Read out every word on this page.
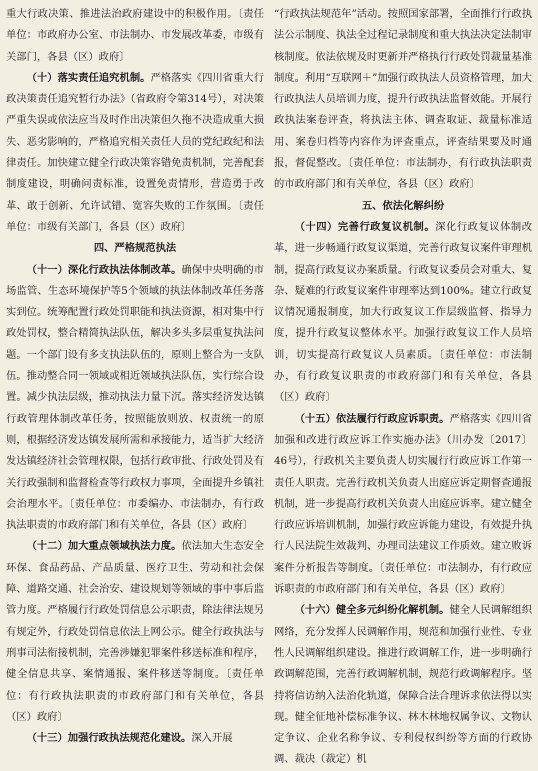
重大行政决策、推进法治政府建设中的积极作用。〔责任单位：市政府办公室、市法制办、市发展改革委，市级有关部门，各县（区）政府〕

（十）落实责任追究机制。严格落实《四川省重大行政决策责任追究暂行办法》（省政府令第314号），对决策严重失误或依法应当及时作出决策但久拖不决造成重大损失、恶劣影响的，严格追究相关责任人员的党纪政纪和法律责任。加快建立健全行政决策容错免责机制，完善配套制度建设，明确问责标准，设置免责情形，营造勇于改革、敢于创新、允许试错、宽容失败的工作氛围。〔责任单位：市级有关部门，各县（区）政府〕

四、严格规范执法

（十一）深化行政执法体制改革。确保中央明确的市场监管、生态环境保护等5个领域的执法体制改革任务落实到位。统筹配置行政处罚职能和执法资源，相对集中行政处罚权，整合精简执法队伍，解决多头多层重复执法问题。一个部门设有多支执法队伍的，原则上整合为一支队伍。推动整合同一领域或相近领域执法队伍，实行综合设置。减少执法层级，推动执法力量下沉。落实经济发达镇行政管理体制改革任务，按照能放则放、权责统一的原则，根据经济发达镇发展所需和承接能力，适当扩大经济发达镇经济社会管理权限，包括行政审批、行政处罚及有关行政强制和监督检查等行政权力事项，全面提升乡镇社会治理水平。〔责任单位：市委编办、市法制办，有行政执法职责的市政府部门和有关单位，各县（区）政府〕

（十二）加大重点领域执法力度。依法加大生态安全环保、食品药品、产品质量、医疗卫生、劳动和社会保障、道路交通、社会治安、建设规划等领域的事中事后监管力度。严格履行行政处罚信息公示职责，除法律法规另有规定外，行政处罚信息依法上网公示。健全行政执法与刑事司法衔接机制，完善涉嫌犯罪案件移送标准和程序，健全信息共享、案情通报、案件移送等制度。〔责任单位：有行政执法职责的市政府部门和有关单位，各县（区）政府〕

（十三）加强行政执法规范化建设。深入开展

“行政执法规范年”活动。按照国家部署，全面推行行政执法公示制度、执法全过程记录制度和重大执法决定法制审核制度。依法依规及时更新并严格执行行政处罚裁量基准制度。利用“互联网＋”加强行政执法人员资格管理，加大行政执法人员培训力度，提升行政执法监督效能。开展行政执法案卷评查，将执法主体、调查取证、裁量标准适用、案卷归档等内容作为评查重点，评查结果要及时通报，督促整改。〔责任单位：市法制办，有行政执法职责的市政府部门和有关单位，各县（区）政府〕

五、依法化解纠纷

（十四）完善行政复议机制。深化行政复议体制改革，进一步畅通行政复议渠道，完善行政复议案件审理机制，提高行政复议办案质量。行政复议委员会对重大、复杂、疑难的行政复议案件审理率达到100%。建立行政复议情况通报制度，加大行政复议工作层级监督、指导力度，提升行政复议整体水平。加强行政复议工作人员培训，切实提高行政复议人员素质。〔责任单位：市法制办，有行政复议职责的市政府部门和有关单位，各县（区）政府〕

（十五）依法履行行政应诉职责。严格落实《四川省加强和改进行政应诉工作实施办法》（川办发〔2017〕46号），行政机关主要负责人切实履行行政应诉工作第一责任人职责。完善行政机关负责人出庭应诉定期督查通报机制，进一步提高行政机关负责人出庭应诉率。建立健全行政应诉培训机制，加强行政应诉能力建设，有效提升执行人民法院生效裁判、办理司法建议工作质效。建立败诉案件分析报告等制度。〔责任单位：市法制办，有行政应诉职责的市政府部门和有关单位，各县（区）政府〕

（十六）健全多元纠纷化解机制。健全人民调解组织网络，充分发挥人民调解作用，规范和加强行业性、专业性人民调解组织建设。推进行政调解工作，进一步明确行政调解范围，完善行政调解机制，规范行政调解程序。坚持将信访纳入法治化轨道，保障合法合理诉求依法得以实现。健全征地补偿标准争议、林木林地权属争议、文物认定争议、企业名称争议、专利侵权纠纷等方面的行政协调、裁决（裁定）机
